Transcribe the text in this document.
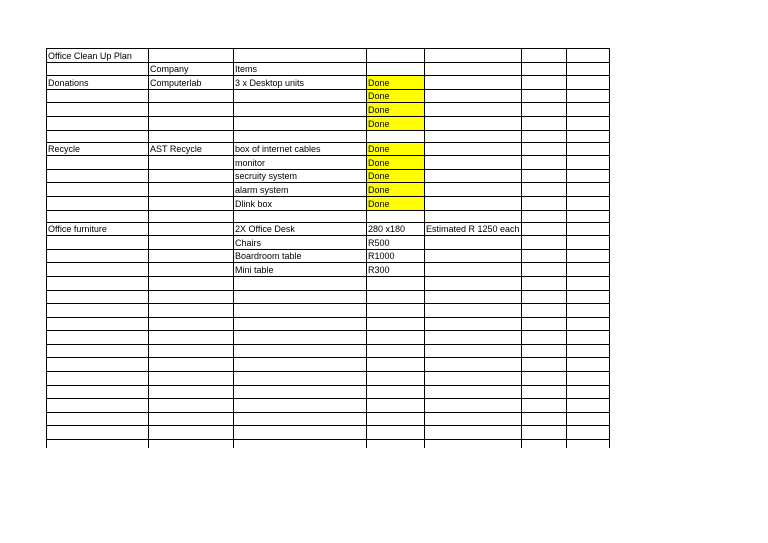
Office Clean Up Plan						
	Company	Items				
Donations	Computerlab	3 x Desktop units	Done			
			Done			
			Done			
			Done			

Recycle	AST Recycle	box of internet cables	Done			
		monitor	Done			
		secruity system	Done			
		alarm system	Done			
		Dlink box	Done			

Office furniture		2X Office Desk	280 x180	Estimated R 1250 each		
		Chairs	R500			
		Boardroom table	R1000			
		Mini table	R300			
